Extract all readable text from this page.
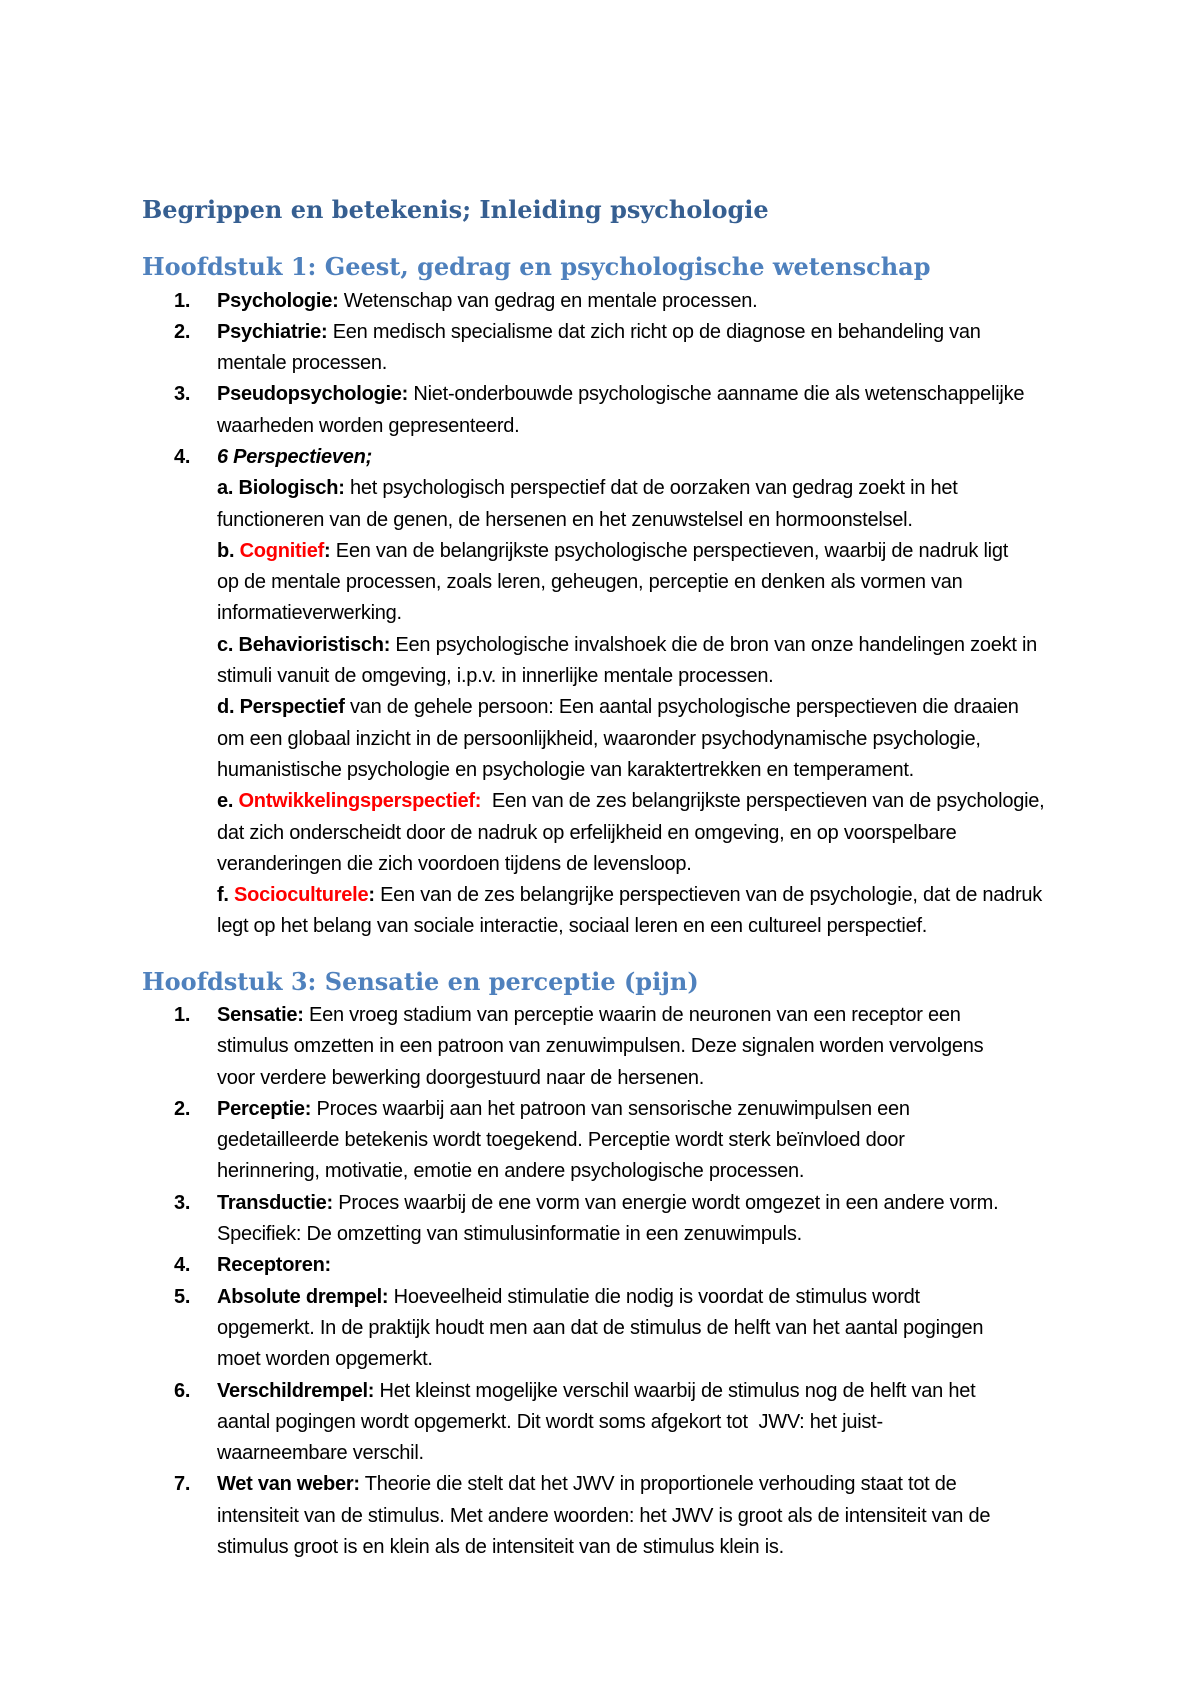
Begrippen en betekenis; Inleiding psychologie
Hoofdstuk 1: Geest, gedrag en psychologische wetenschap
1. Psychologie: Wetenschap van gedrag en mentale processen.
2. Psychiatrie: Een medisch specialisme dat zich richt op de diagnose en behandeling van
mentale processen.
3. Pseudopsychologie: Niet-onderbouwde psychologische aanname die als wetenschappelijke
waarheden worden gepresenteerd.
4. 6 Perspectieven;
a. Biologisch: het psychologisch perspectief dat de oorzaken van gedrag zoekt in het
functioneren van de genen, de hersenen en het zenuwstelsel en hormoonstelsel.
b. Cognitief: Een van de belangrijkste psychologische perspectieven, waarbij de nadruk ligt
op de mentale processen, zoals leren, geheugen, perceptie en denken als vormen van
informatieverwerking.
c. Behavioristisch: Een psychologische invalshoek die de bron van onze handelingen zoekt in
stimuli vanuit de omgeving, i.p.v. in innerlijke mentale processen.
d. Perspectief van de gehele persoon: Een aantal psychologische perspectieven die draaien
om een globaal inzicht in de persoonlijkheid, waaronder psychodynamische psychologie,
humanistische psychologie en psychologie van karaktertrekken en temperament.
e. Ontwikkelingsperspectief:  Een van de zes belangrijkste perspectieven van de psychologie,
dat zich onderscheidt door de nadruk op erfelijkheid en omgeving, en op voorspelbare
veranderingen die zich voordoen tijdens de levensloop.
f. Socioculturele: Een van de zes belangrijke perspectieven van de psychologie, dat de nadruk
legt op het belang van sociale interactie, sociaal leren en een cultureel perspectief.
Hoofdstuk 3: Sensatie en perceptie (pijn)
1. Sensatie: Een vroeg stadium van perceptie waarin de neuronen van een receptor een
stimulus omzetten in een patroon van zenuwimpulsen. Deze signalen worden vervolgens
voor verdere bewerking doorgestuurd naar de hersenen.
2. Perceptie: Proces waarbij aan het patroon van sensorische zenuwimpulsen een
gedetailleerde betekenis wordt toegekend. Perceptie wordt sterk beïnvloed door
herinnering, motivatie, emotie en andere psychologische processen.
3. Transductie: Proces waarbij de ene vorm van energie wordt omgezet in een andere vorm.
Specifiek: De omzetting van stimulusinformatie in een zenuwimpuls.
4. Receptoren:
5. Absolute drempel: Hoeveelheid stimulatie die nodig is voordat de stimulus wordt
opgemerkt. In de praktijk houdt men aan dat de stimulus de helft van het aantal pogingen
moet worden opgemerkt.
6. Verschildrempel: Het kleinst mogelijke verschil waarbij de stimulus nog de helft van het
aantal pogingen wordt opgemerkt. Dit wordt soms afgekort tot  JWV: het juist-
waarneembare verschil.
7. Wet van weber: Theorie die stelt dat het JWV in proportionele verhouding staat tot de
intensiteit van de stimulus. Met andere woorden: het JWV is groot als de intensiteit van de
stimulus groot is en klein als de intensiteit van de stimulus klein is.
